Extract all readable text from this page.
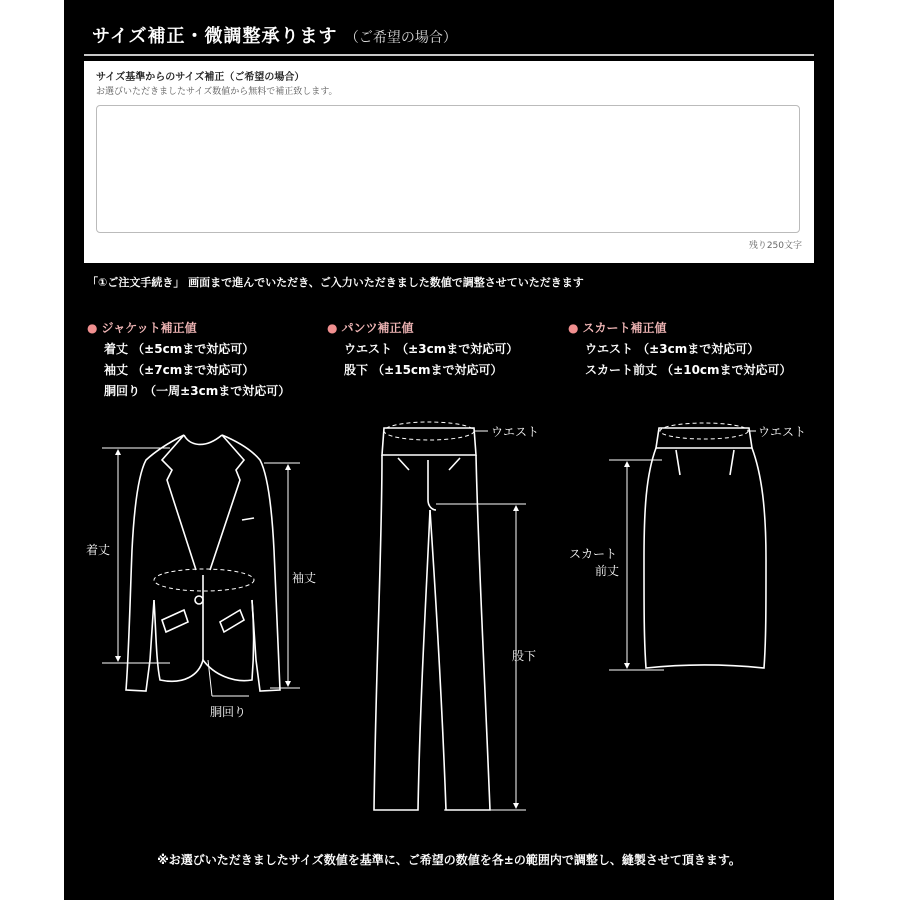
サイズ補正・微調整承ります （ご希望の場合）
サイズ基準からのサイズ補正（ご希望の場合）
お選びいただきましたサイズ数値から無料で補正致します。
残り250文字
「①ご注文手続き」 画面まで進んでいただき、ご入力いただきました数値で調整させていただきます
● ジャケット補正値
着丈 （±5cmまで対応可）
袖丈 （±7cmまで対応可）
胴回り （一周±3cmまで対応可）
● パンツ補正値
ウエスト （±3cmまで対応可）
股下 （±15cmまで対応可）
● スカート補正値
ウエスト （±3cmまで対応可）
スカート前丈 （±10cmまで対応可）
着丈
袖丈
胴回り
ウエスト
股下
ウエスト
スカート
前丈
※お選びいただきましたサイズ数値を基準に、ご希望の数値を各±の範囲内で調整し、縫製させて頂きます。
